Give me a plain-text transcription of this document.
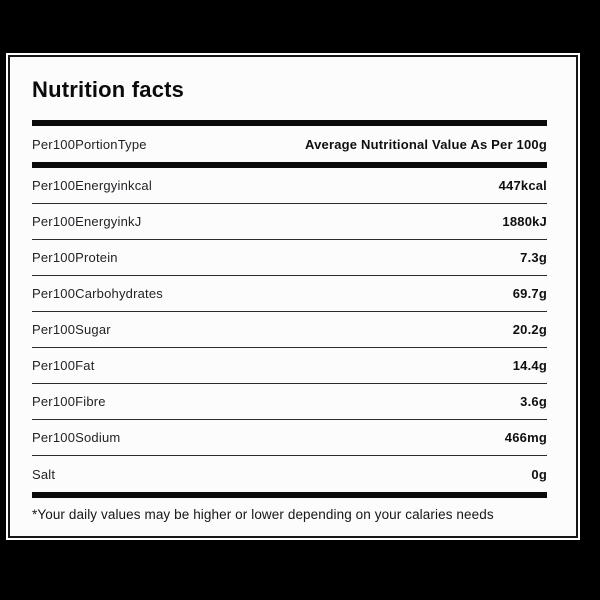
Nutrition facts
Per100PortionType	Average Nutritional Value As Per 100g
Per100Energyinkcal	447kcal
Per100EnergyinkJ	1880kJ
Per100Protein	7.3g
Per100Carbohydrates	69.7g
Per100Sugar	20.2g
Per100Fat	14.4g
Per100Fibre	3.6g
Per100Sodium	466mg
Salt	0g
*Your daily values may be higher or lower depending on your calaries needs
